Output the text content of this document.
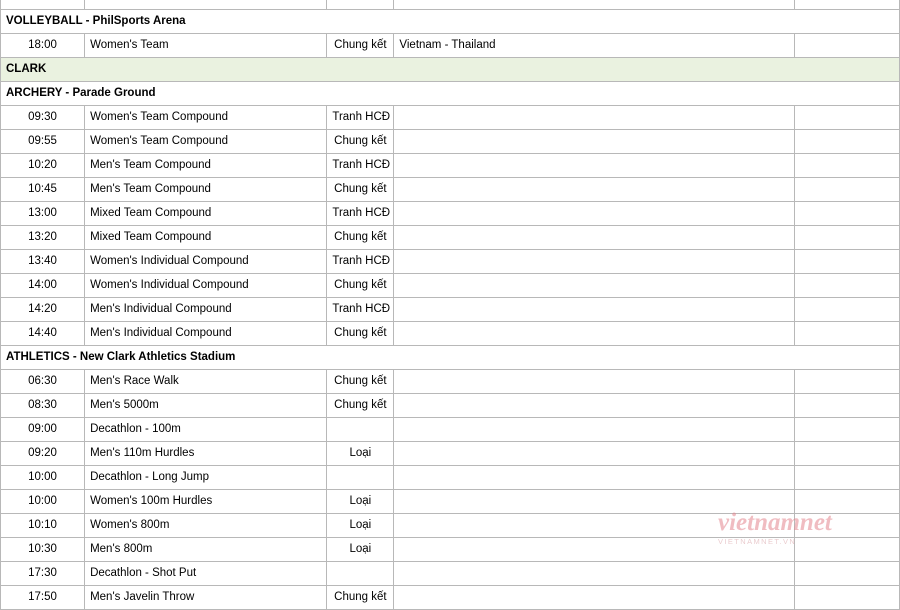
VOLLEYBALL - PhilSports Arena				
18:00	Women's Team	Chung kết	Vietnam - Thailand	
CLARK				
ARCHERY - Parade Ground				
09:30	Women's Team Compound	Tranh HCĐ		
09:55	Women's Team Compound	Chung kết		
10:20	Men's Team Compound	Tranh HCĐ		
10:45	Men's Team Compound	Chung kết		
13:00	Mixed Team Compound	Tranh HCĐ		
13:20	Mixed Team Compound	Chung kết		
13:40	Women's Individual Compound	Tranh HCĐ		
14:00	Women's Individual Compound	Chung kết		
14:20	Men's Individual Compound	Tranh HCĐ		
14:40	Men's Individual Compound	Chung kết		
ATHLETICS - New Clark Athletics Stadium				
06:30	Men's Race Walk	Chung kết		
08:30	Men's 5000m	Chung kết		
09:00	Decathlon - 100m			
09:20	Men's 110m Hurdles	Loại		
10:00	Decathlon - Long Jump			
10:00	Women's 100m Hurdles	Loại		
10:10	Women's 800m	Loại		
10:30	Men's 800m	Loại		
17:30	Decathlon - Shot Put			
17:50	Men's Javelin Throw	Chung kết		
vietnamnet
VIETNAMNET.VN
